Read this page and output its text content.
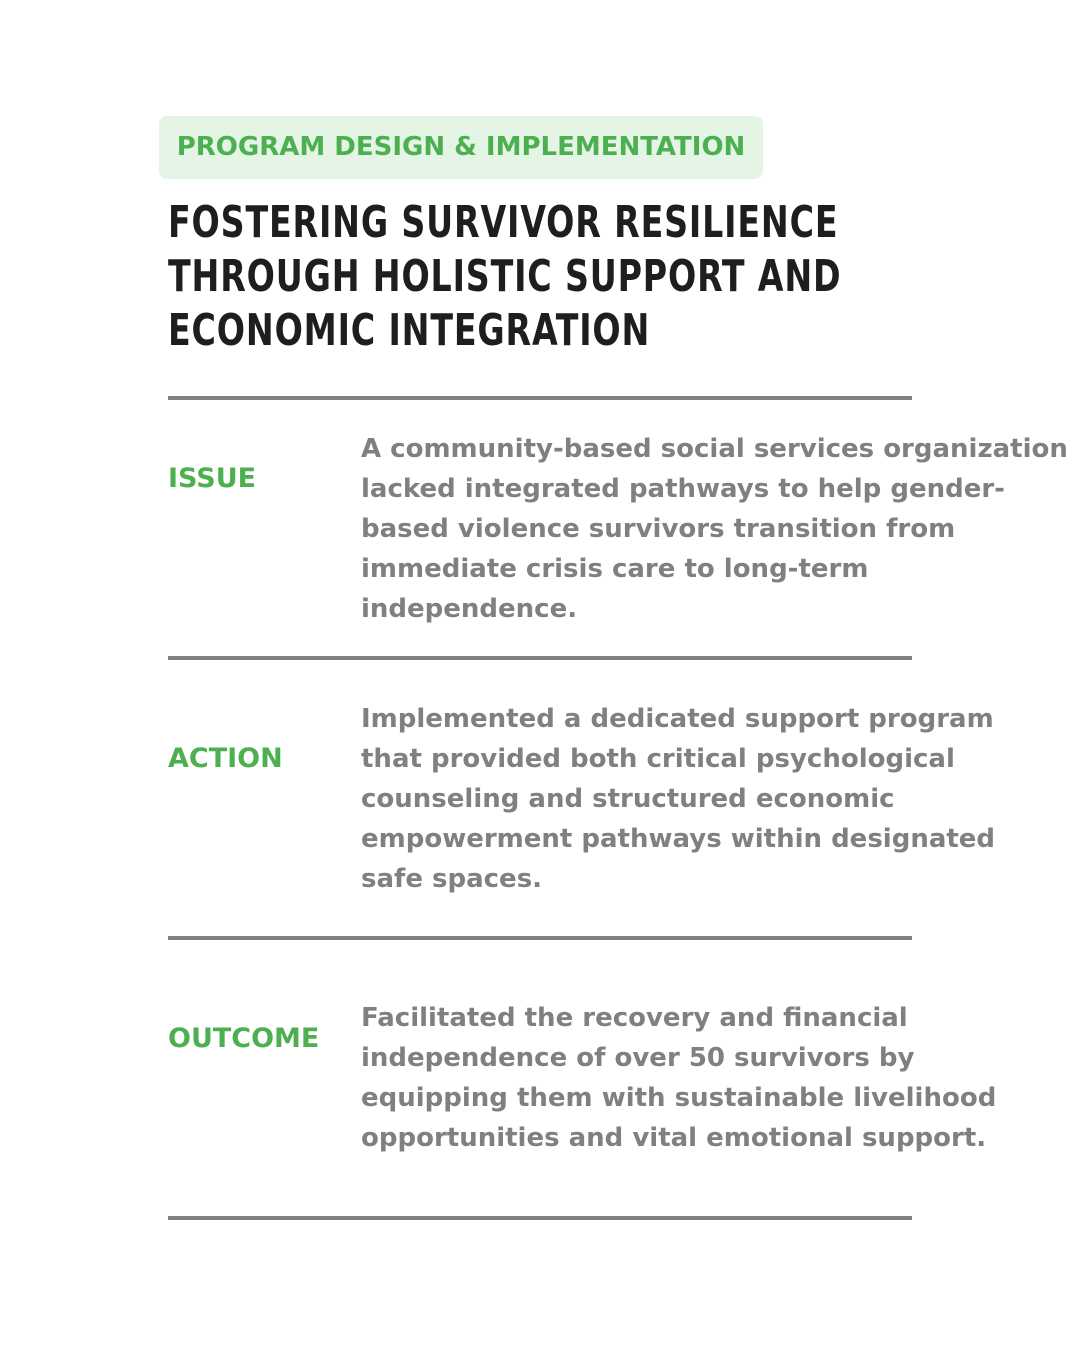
PROGRAM DESIGN & IMPLEMENTATION
FOSTERING SURVIVOR RESILIENCE
THROUGH HOLISTIC SUPPORT AND
ECONOMIC INTEGRATION
ISSUE

A community-based social services organization
lacked integrated pathways to help gender-
based violence survivors transition from
immediate crisis care to long-term
independence.

ACTION

Implemented a dedicated support program
that provided both critical psychological
counseling and structured economic
empowerment pathways within designated
safe spaces.

OUTCOME

Facilitated the recovery and financial
independence of over 50 survivors by
equipping them with sustainable livelihood
opportunities and vital emotional support.
